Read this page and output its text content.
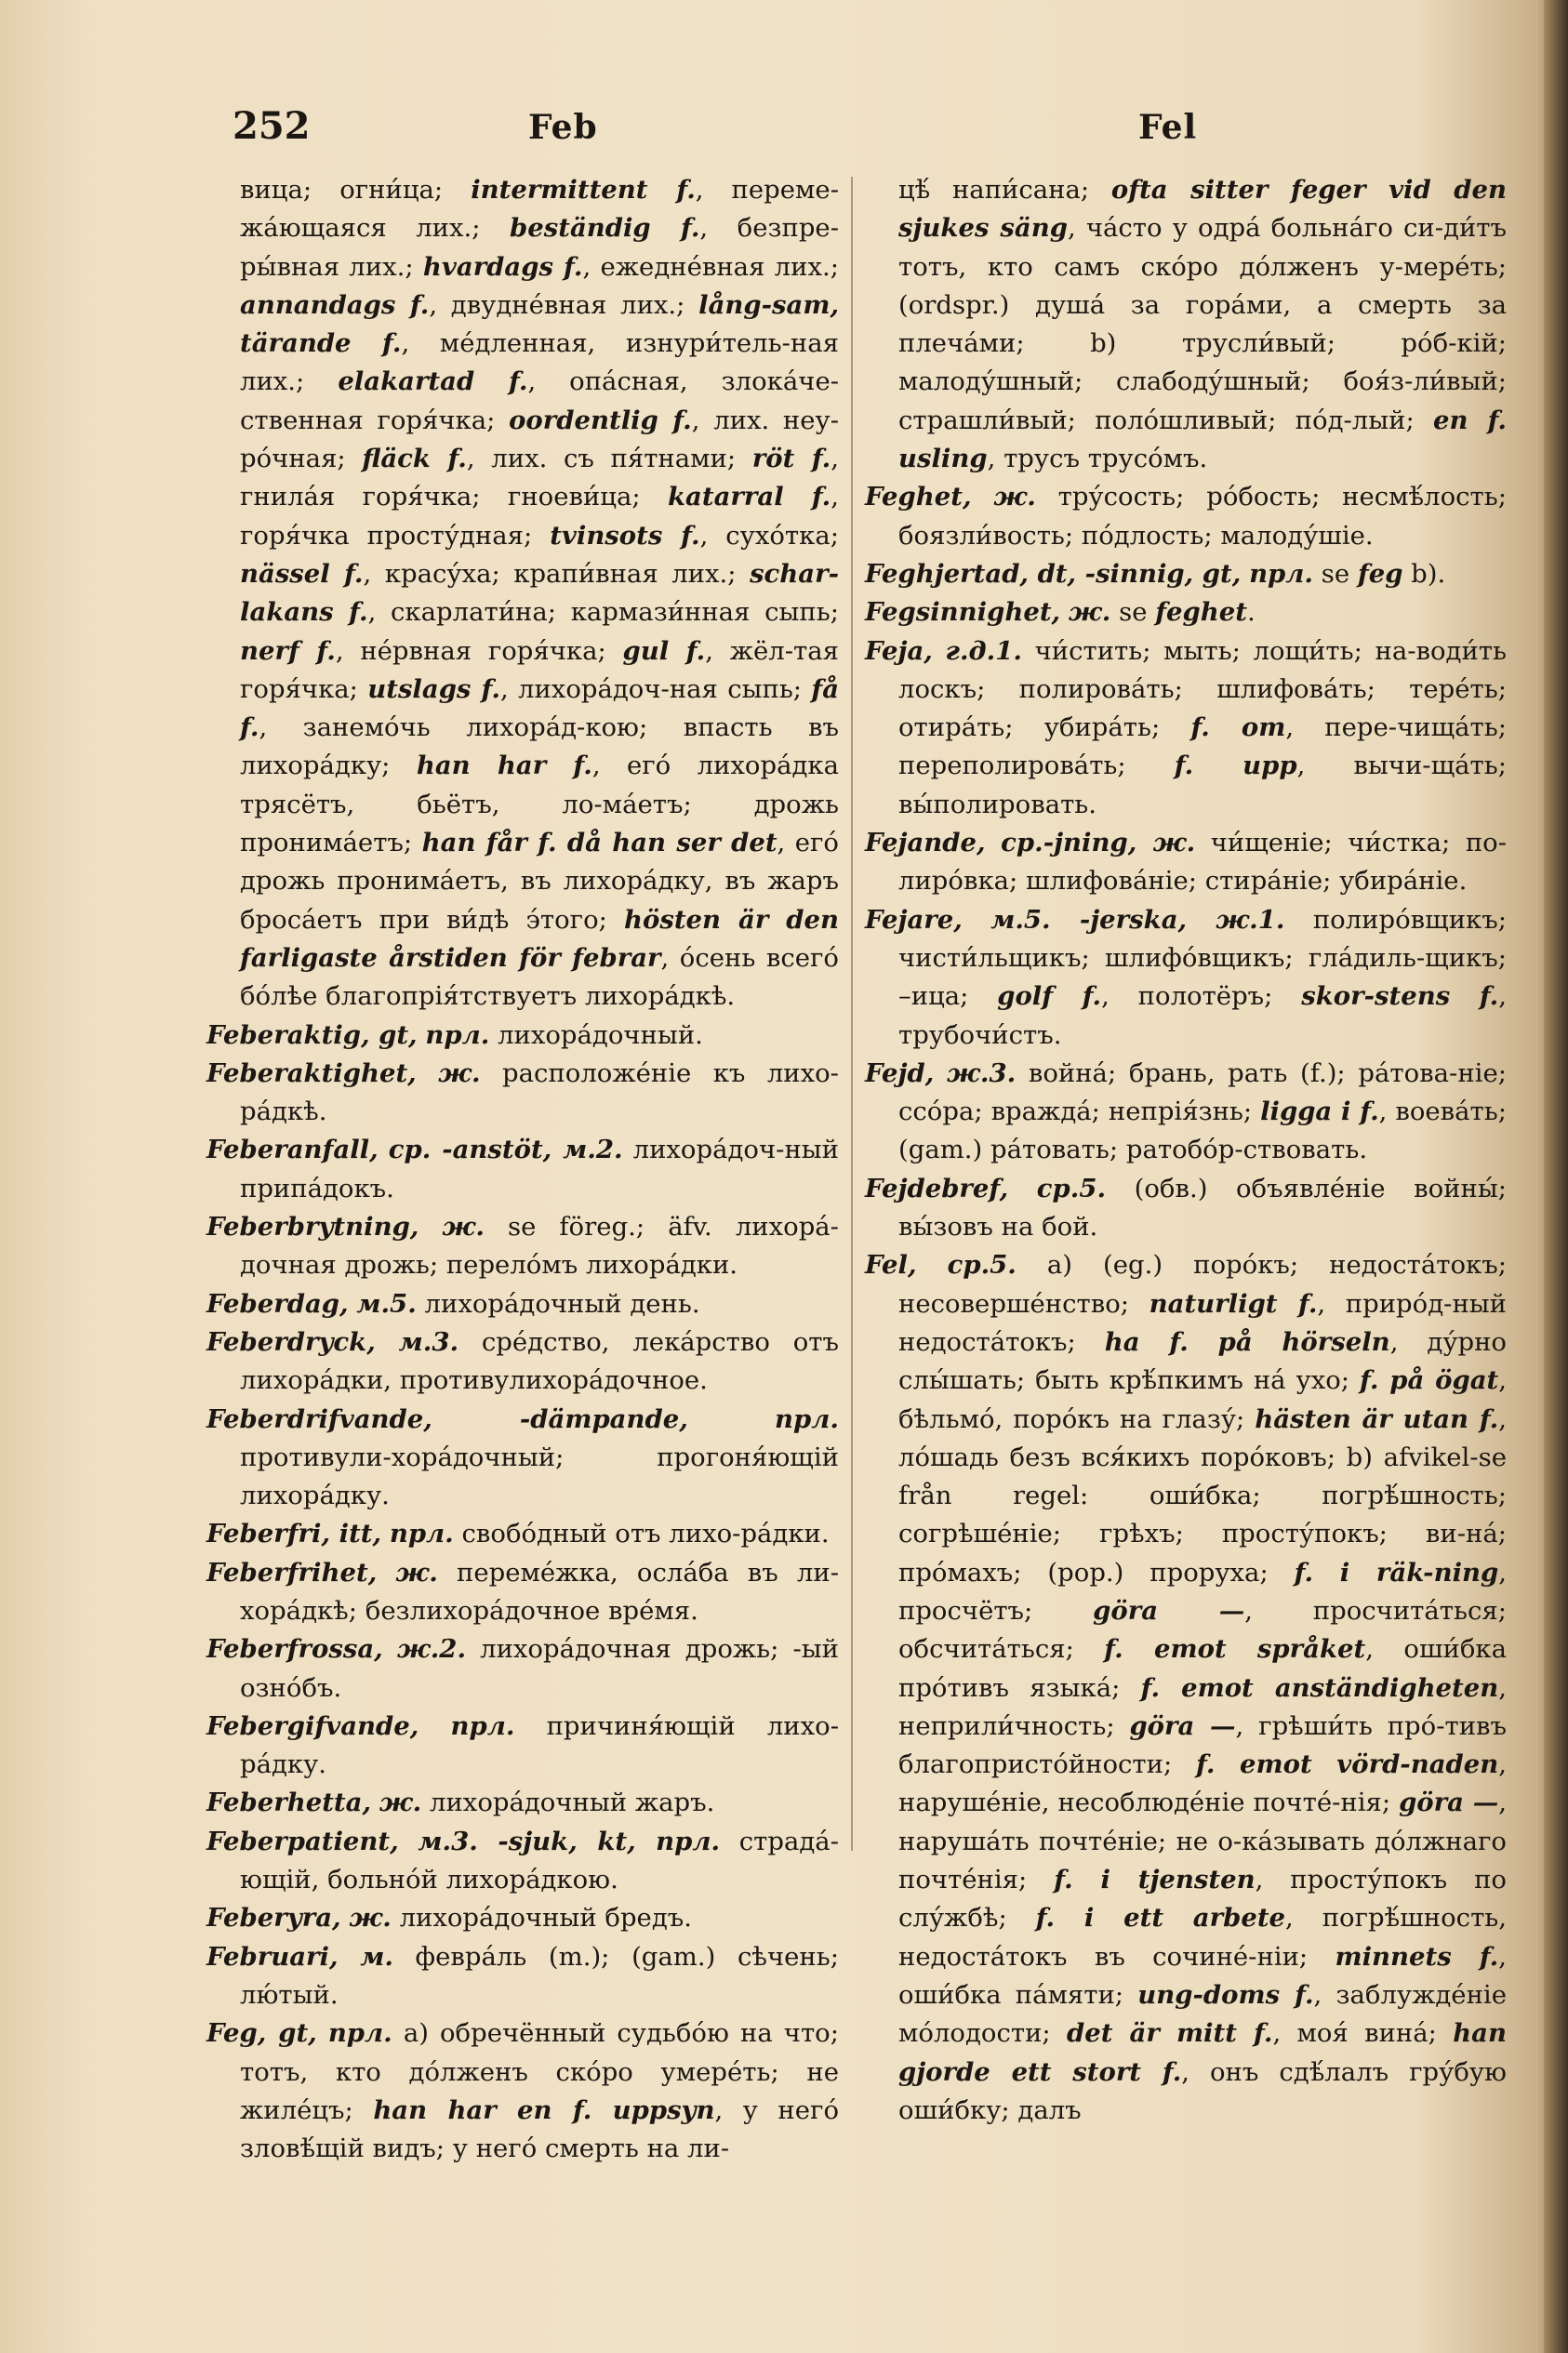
252	Feb	Fel

вица; огни́ца; intermittent f., переме-жа́ющаяся лих.; beständig f., безпре-ры́вная лих.; hvardags f., ежедне́вная лих.; annandags f., двудне́вная лих.; lång-sam, tärande f., ме́дленная, изнури́тель-ная лих.; elakartad f., опа́сная, злока́че-ственная горя́чка; oordentlig f., лих. неу-ро́чная; fläck f., лих. съ пя́тнами; röt f., гнила́я горя́чка; гноеви́ца; katarral f., горя́чка просту́дная; tvinsots f., сухо́тка; nässel f., красу́ха; крапи́вная лих.; schar-lakans f., скарлати́на; кармази́нная сыпь; nerf f., не́рвная горя́чка; gul f., жёл-тая горя́чка; utslags f., лихора́доч-ная сыпь; få f., занемо́чь лихора́д-кою; впасть въ лихора́дку; han har f., его́ лихора́дка трясётъ, бьётъ, ло-ма́етъ; дрожь пронима́етъ; han får f. då han ser det, его́ дрожь пронима́етъ, въ лихора́дку, въ жаръ броса́етъ при ви́дѣ э́того; hösten är den farligaste årstiden för febrar, о́сень всего́ бо́лѣе благопрія́тствуетъ лихора́дкѣ.

Feberaktig, gt, прл. лихора́дочный.

Feberaktighet, ж. расположе́ніе къ лихо-ра́дкѣ.

Feberanfall, ср. -anstöt, м.2. лихора́доч-ный припа́докъ.

Feberbrytning, ж. se föreg.; äfv. лихора́-дочная дрожь; перело́мъ лихора́дки.

Feberdag, м.5. лихора́дочный день.

Feberdryck, м.3. сре́дство, лека́рство отъ лихора́дки, противулихора́дочное.

Feberdrifvande, -dämpande,	прл. противули-хора́дочный; прогоня́ющій лихора́дку.

Feberfri, itt, прл. свобо́дный отъ лихо-ра́дки.

Feberfrihet, ж. переме́жка, осла́ба въ ли-хора́дкѣ; безлихора́дочное вре́мя.

Feberfrossa, ж.2. лихора́дочная дрожь; -ый озно́бъ.

Febergifvande, прл. причиня́ющій лихо-ра́дку.

Feberhetta, ж. лихора́дочный жаръ.

Feberpatient, м.3. -sjuk, kt, прл. страда́-ющій, больно́й лихора́дкою.

Feberyra, ж. лихора́дочный бредъ.

Februari, м. февра́ль (m.); (gam.) сѣчень; лю́тый.

Feg, gt, прл. a) обречённый судьбо́ю на что; тотъ, кто до́лженъ ско́ро умере́ть; не жиле́цъ; han har en f. uppsyn, у него́ зловѣ́щій видъ; у него́ смерть на ли-

цѣ́ напи́сана; ofta sitter feger vid den sjukes säng, ча́сто у одра́ больна́го си-ди́тъ тотъ, кто самъ ско́ро до́лженъ у-мере́ть; (ordspr.) душа́ за гора́ми, а смерть за плеча́ми; b) трусли́вый; ро́б-кій; малоду́шный; слабоду́шный; боя́з-ли́вый; страшли́вый; поло́шливый; по́д-лый; en f. usling, трусъ трусо́мъ.

Feghet, ж. тру́сость; ро́бость; несмѣ́лость; боязли́вость; по́длость; малоду́шіе.

Feghjertad, dt, -sinnig, gt, прл. se feg b).

Fegsinnighet, ж. se feghet.

Feja, г.д.1. чи́стить; мыть; лощи́ть; на-води́ть лоскъ; полирова́ть; шлифова́ть; тере́ть; отира́ть; убира́ть; f. om, пере-чища́ть; переполирова́ть; f. upp, вычи-ща́ть; вы́полировать.

Fejande, ср.-jning, ж. чи́щеніе; чи́стка; по-лиро́вка; шлифова́ніе; стира́ніе; убира́ніе.

Fejare, м.5. -jerska, ж.1. полиро́вщикъ; чисти́льщикъ; шлифо́вщикъ; гла́диль-щикъ; –ица; golf f., полотёръ; skor-stens f., трубочи́стъ.

Fejd, ж.3. война́; брань, рать (f.); ра́това-ніе; ссо́ра; вражда́; непрія́знь; ligga i f., воева́ть; (gam.) ра́товать; ратобо́р-ствовать.

Fejdebref, ср.5. (обв.) объявле́ніе войны́; вы́зовъ на бой.

Fel, ср.5. a) (eg.) поро́къ; недоста́токъ; несоверше́нство; naturligt f., приро́д-ный недоста́токъ; ha f. på hörseln, ду́рно слы́шать; быть крѣ́пкимъ на́ ухо; f. på ögat, бѣльмо́, поро́къ на глазу́; hästen är utan f., ло́шадь безъ вся́кихъ поро́ковъ; b) afvikel-se från regel: оши́бка; погрѣ́шность; согрѣше́ніе; грѣхъ; просту́покъ; ви-на́; про́махъ; (pop.) проруха; f. i räk-ning, просчётъ; göra —, просчита́ться; обсчита́ться; f. emot språket, оши́бка про́тивъ языка́; f. emot anständigheten, неприли́чность; göra —, грѣши́ть про́-тивъ благопристо́йности; f. emot vörd-naden, наруше́ніе, несоблюде́ніе почте́-нія; göra —, наруша́ть почте́ніе; не о-ка́зывать до́лжнаго почте́нія; f. i tjensten, просту́покъ по слу́жбѣ; f. i ett arbete, погрѣ́шность, недоста́токъ въ сочине́-ніи; minnets f., оши́бка па́мяти; ung-doms f., заблужде́ніе мо́лодости; det är mitt f., моя́ вина́; han gjorde ett stort f., онъ сдѣ́лалъ гру́бую оши́бку; далъ
